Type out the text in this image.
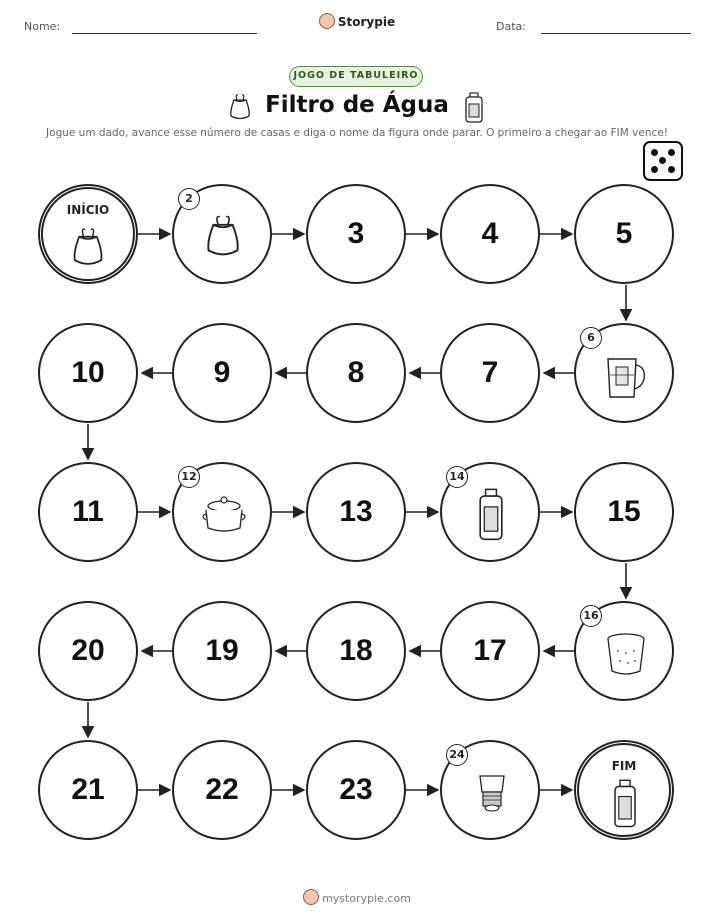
Nome:	Storypie	Data:
JOGO DE TABULEIRO
Filtro de Água
Jogue um dado, avance esse número de casas e diga o nome da figura onde parar. O primeiro a chegar ao FIM vence!
INÍCIO
2
3	4	5
6
7
8
9
10
11
12
13
14
15
16
17
18
19
20
21	22	23
24
FIM
mystorypie.com
